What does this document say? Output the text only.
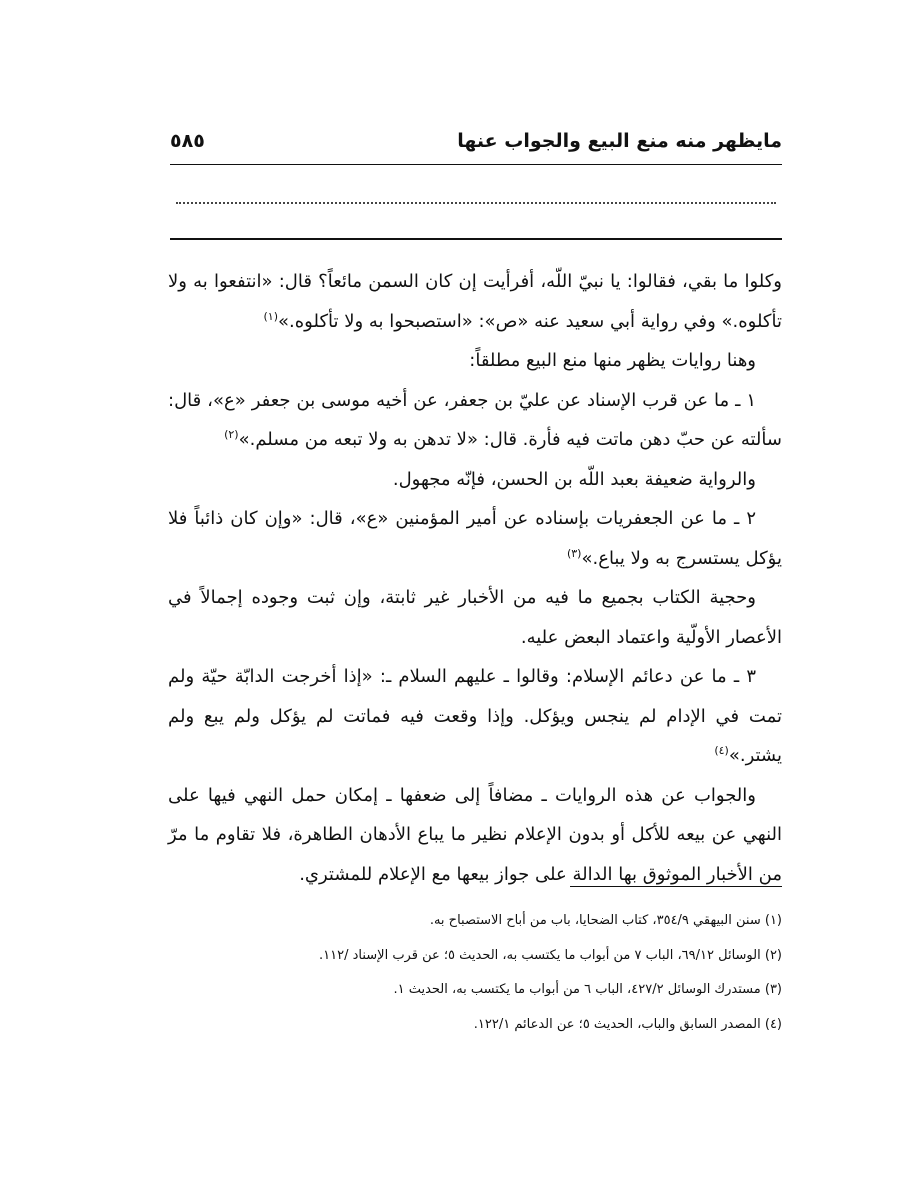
مايظهر منه منع البيع والجواب عنها
٥٨٥

وكلوا ما بقي، فقالوا: يا نبيّ اللّه، أفرأيت إن كان السمن مائعاً؟ قال: «انتفعوا به ولا تأكلوه.» وفي رواية أبي سعيد عنه «ص»: «استصبحوا به ولا تأكلوه.»$^{(١)}$

وهنا روايات يظهر منها منع البيع مطلقاً:

١ ـ ما عن قرب الإسناد عن عليّ بن جعفر، عن أخيه موسى بن جعفر «ع»، قال: سألته عن حبّ دهن ماتت فيه فأرة. قال: «لا تدهن به ولا تبعه من مسلم.»$^{(٢)}$

والرواية ضعيفة بعبد اللّه بن الحسن، فإنّه مجهول.

٢ ـ ما عن الجعفريات بإسناده عن أمير المؤمنين «ع»، قال: «وإن كان ذائباً فلا يؤكل يستسرج به ولا يباع.»$^{(٣)}$

وحجية الكتاب بجميع ما فيه من الأخبار غير ثابتة، وإن ثبت وجوده إجمالاً في الأعصار الأولّية واعتماد البعض عليه.

٣ ـ ما عن دعائم الإسلام: وقالوا ـ عليهم السلام ـ: «إذا أخرجت الدابّة حيّة ولم تمت في الإدام لم ينجس ويؤكل. وإذا وقعت فيه فماتت لم يؤكل ولم يبع ولم يشتر.»$^{(٤)}$

والجواب عن هذه الروايات ـ مضافاً إلى ضعفها ـ إمكان حمل النهي فيها على النهي عن بيعه للأكل أو بدون الإعلام نظير ما يباع الأدهان الطاهرة، فلا تقاوم ما مرّ من الأخبار الموثوق بها الدالة على جواز بيعها مع الإعلام للمشتري.

(١) سنن البيهقي ٣٥٤/٩، كتاب الضحايا، باب من أباح الاستصباح به.

(٢) الوسائل ٦٩/١٢، الباب ٧ من أبواب ما يكتسب به، الحديث ٥؛ عن قرب الإسناد /١١٢.

(٣) مستدرك الوسائل ٤٢٧/٢، الباب ٦ من أبواب ما يكتسب به، الحديث ١.

(٤) المصدر السابق والباب، الحديث ٥؛ عن الدعائم ١٢٢/١.
